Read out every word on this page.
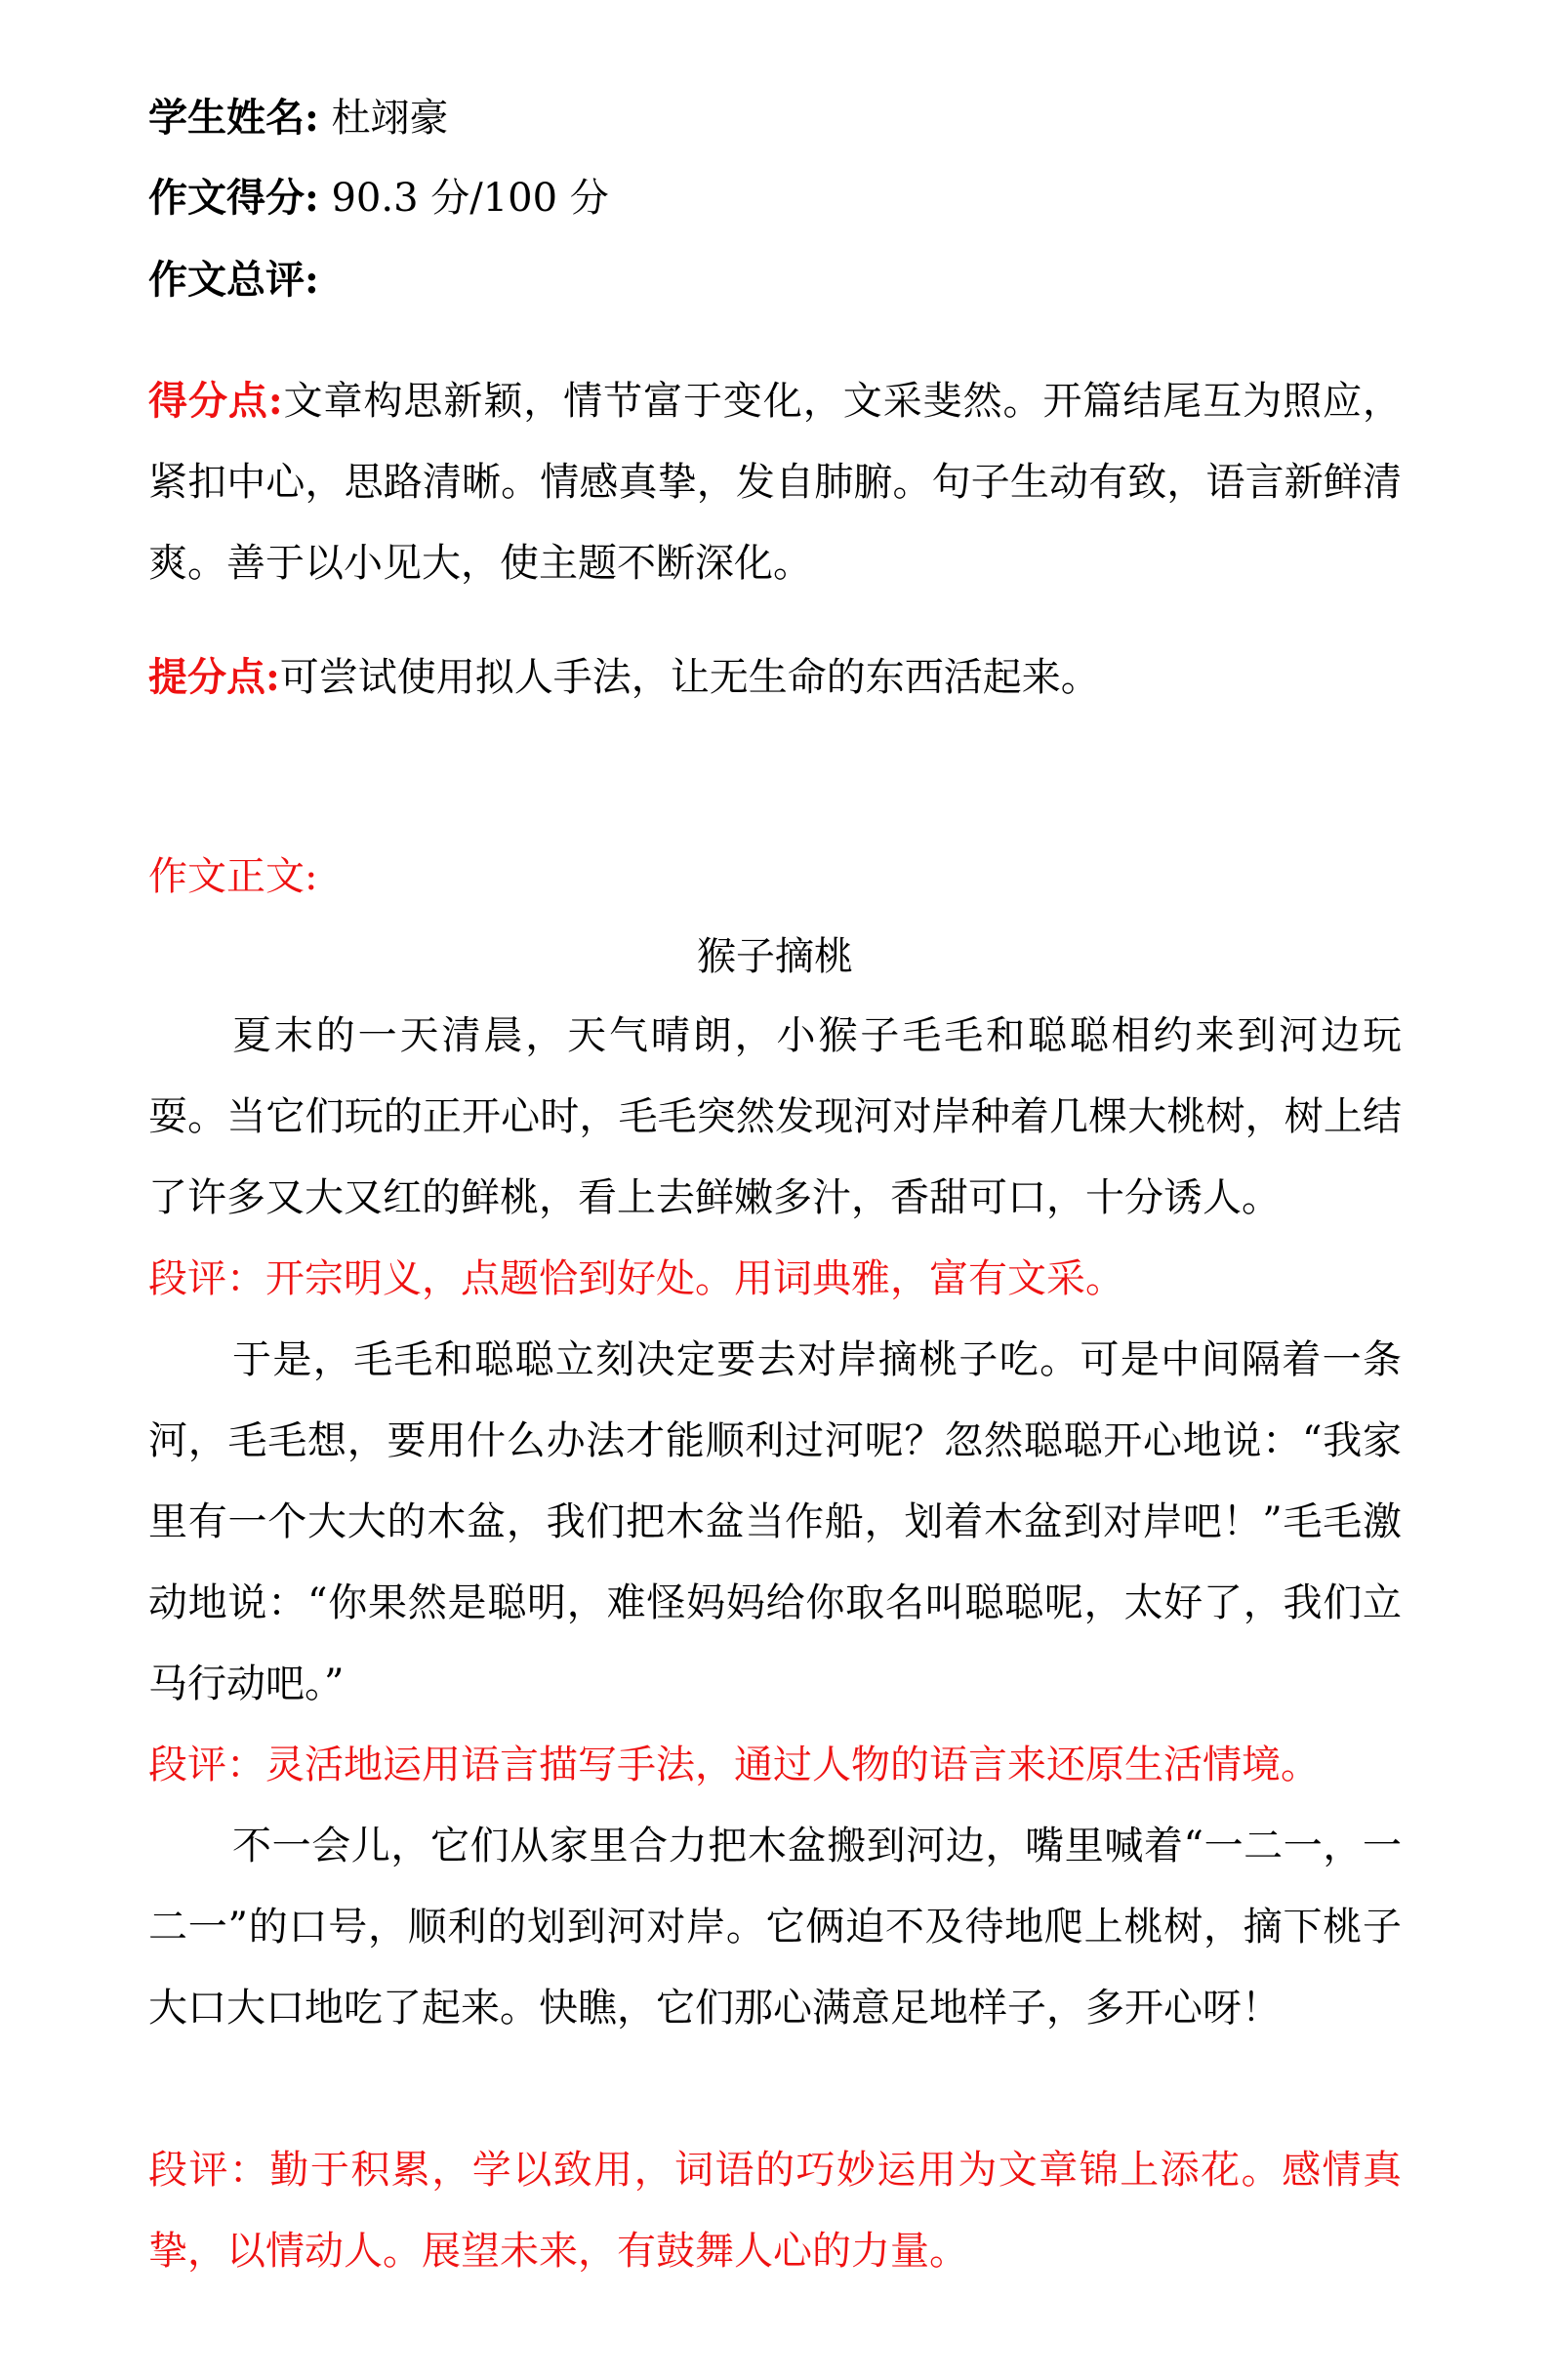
学生姓名: 杜翊豪
作文得分: 90.3 分/100 分
作文总评:
得分点:文章构思新颖，情节富于变化，文采斐然。开篇结尾互为照应，紧扣中心，思路清晰。情感真挚，发自肺腑。句子生动有致，语言新鲜清爽。善于以小见大，使主题不断深化。
提分点:可尝试使用拟人手法，让无生命的东西活起来。
作文正文:
猴子摘桃
夏末的一天清晨，天气晴朗，小猴子毛毛和聪聪相约来到河边玩耍。当它们玩的正开心时，毛毛突然发现河对岸种着几棵大桃树，树上结了许多又大又红的鲜桃，看上去鲜嫩多汁，香甜可口，十分诱人。
段评：开宗明义，点题恰到好处。用词典雅，富有文采。
于是，毛毛和聪聪立刻决定要去对岸摘桃子吃。可是中间隔着一条河，毛毛想，要用什么办法才能顺利过河呢？忽然聪聪开心地说：“我家里有一个大大的木盆，我们把木盆当作船，划着木盆到对岸吧！”毛毛激动地说：“你果然是聪明，难怪妈妈给你取名叫聪聪呢，太好了，我们立马行动吧。”
段评：灵活地运用语言描写手法，通过人物的语言来还原生活情境。
不一会儿，它们从家里合力把木盆搬到河边，嘴里喊着“一二一，一二一”的口号，顺利的划到河对岸。它俩迫不及待地爬上桃树，摘下桃子大口大口地吃了起来。快瞧，它们那心满意足地样子，多开心呀！
段评：勤于积累，学以致用，词语的巧妙运用为文章锦上添花。感情真挚，以情动人。展望未来，有鼓舞人心的力量。
